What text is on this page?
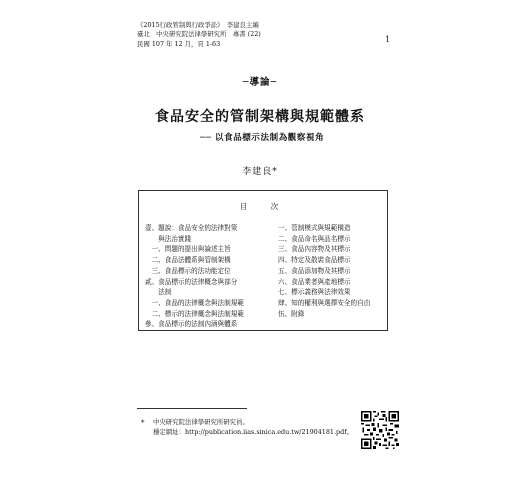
《2015行政管制與行政爭訟》　李建良主編
臺北　中央研究院法律學研究所　專書 (22)
民國 107 年 12 月，頁 1-63	1
─導論─
食品安全的管制架構與規範體系
── 以食品標示法制為觀察視角
李建良*
目　次
壹、題說：食品安全的法律對策
　　與法治實踐
　一、問題的提出與論述主旨
　二、食品法體系與管制架構
　三、食品標示的法功能定位
貳、食品標示的法律概念與部分
　　法制
　一、食品的法律概念與法制規範
　二、標示的法律概念與法制規範
參、食品標示的法制內涵與體系
一、管制模式與規範構造
二、食品命名與品名標示
三、食品內容物及其標示
四、特定及散裝食品標示
五、食品添加物及其標示
六、食品業者與產地標示
七、標示義務與法律效果
肆、知的權利與選擇安全的自由
伍、附錄
* 中央研究院法律學研究所研究員。
穩定網址：http://publication.iias.sinica.edu.tw/21904181.pdf。
